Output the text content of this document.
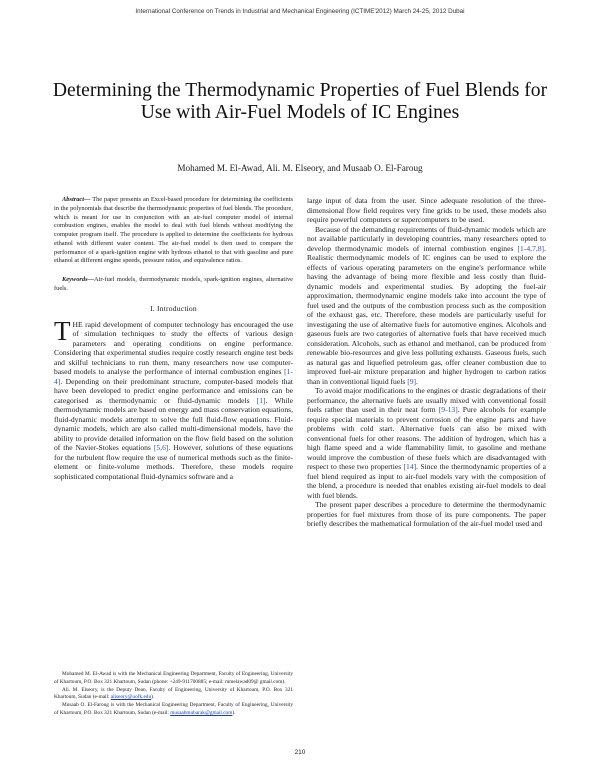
International Conference on Trends in Industrial and Mechanical Engineering (ICTIME'2012) March 24-25, 2012 Dubai
Determining the Thermodynamic Properties of Fuel Blends for Use with Air-Fuel Models of IC Engines
Mohamed M. El-Awad, Ali. M. Elseory, and Musaab O. El-Faroug

Abstract— The paper presents an Excel-based procedure for determining the coefficients in the polynomials that describe the thermodynamic properties of fuel blends. The procedure, which is meant for use in conjunction with an air-fuel computer model of internal combustion engines, enables the model to deal with fuel blends without modifying the computer program itself. The procedure is applied to determine the coefficients for hydrous ethanol with different water content. The air-fuel model is then used to compare the performance of a spark-ignition engine with hydrous ethanol to that with gasoline and pure ethanol at different engine speeds, pressure ratios, and equivalence ratios.

Keywords—Air-fuel models, thermodynamic models, spark-ignition engines, alternative fuels.

I. Introduction

THE rapid development of computer technology has encouraged the use of simulation techniques to study the effects of various design parameters and operating conditions on engine performance. Considering that experimental studies require costly research engine test beds and skilful technicians to run them, many researchers now use computer-based models to analyse the performance of internal combustion engines [1-4]. Depending on their predominant structure, computer-based models that have been developed to predict engine performance and emissions can be categorised as thermodynamic or fluid-dynamic models [1]. While thermodynamic models are based on energy and mass conservation equations, fluid-dynamic models attempt to solve the full fluid-flow equations. Fluid-dynamic models, which are also called multi-dimensional models, have the ability to provide detailed information on the flow field based on the solution of the Navier-Stokes equations [5,6]. However, solutions of these equations for the turbulent flow require the use of numerical methods such as the finite-element or finite-volume methods. Therefore, these models require sophisticated computational fluid-dynamics software and a

large input of data from the user. Since adequate resolution of the three-dimensional flow field requires very fine grids to be used, these models also require powerful computers or supercomputers to be used.

Because of the demanding requirements of fluid-dynamic models which are not available particularly in developing countries, many researchers opted to develop thermodynamic models of internal combustion engines [1-4,7,8]. Realistic thermodynamic models of IC engines can be used to explore the effects of various operating parameters on the engine's performance while having the advantage of being more flexible and less costly than fluid-dynamic models and experimental studies. By adopting the fuel-air approximation, thermodynamic engine models take into account the type of fuel used and the outputs of the combustion process such as the composition of the exhaust gas, etc. Therefore, these models are particularly useful for investigating the use of alternative fuels for automotive engines. Alcohols and gaseous fuels are two categories of alternative fuels that have received much consideration. Alcohols, such as ethanol and methanol, can be produced from renewable bio-resources and give less polluting exhausts. Gaseous fuels, such as natural gas and liquefied petroleum gas, offer cleaner combustion due to improved fuel-air mixture preparation and higher hydrogen to carbon ratios than in conventional liquid fuels [9].

To avoid major modifications to the engines or drastic degradations of their performance, the alternative fuels are usually mixed with conventional fossil fuels rather than used in their neat form [9-13]. Pure alcohols for example require special materials to prevent corrosion of the engine parts and have problems with cold start. Alternative fuels can also be mixed with conventional fuels for other reasons. The addition of hydrogen, which has a high flame speed and a wide flammability limit, to gasoline and methane would improve the combustion of these fuels which are disadvantaged with respect to these two properties [14]. Since the thermodynamic properties of a fuel blend required as input to air-fuel models vary with the composition of the blend, a procedure is needed that enables existing air-fuel models to deal with fuel blends.

The present paper describes a procedure to determine the thermodynamic properties for fuel mixtures from those of its pure components. The paper briefly describes the mathematical formulation of the air-fuel model used and

Mohamed M. El-Awad is with the Mechanical Engineering Department, Faculty of Engineering, University of Khartoum, P.O. Box 321 Khartoum, Sudan (phone: +249-911700885; e-mail: mmelawad09@ gmail.com).

Ali. M. Elseory, is the Deputy Dean, Faculty of Engineering, University of Khartoum, P.O. Box 321 Khartoum, Sudan (e-mail: aliseory@uofk.edu).

Musaab O. El-Faroug is with the Mechanical Engineering Department, Faculty of Engineering, University of Khartoum, P.O. Box 321 Khartoum, Sudan (e-mail: musaabmubarak@gmail.com).

210
